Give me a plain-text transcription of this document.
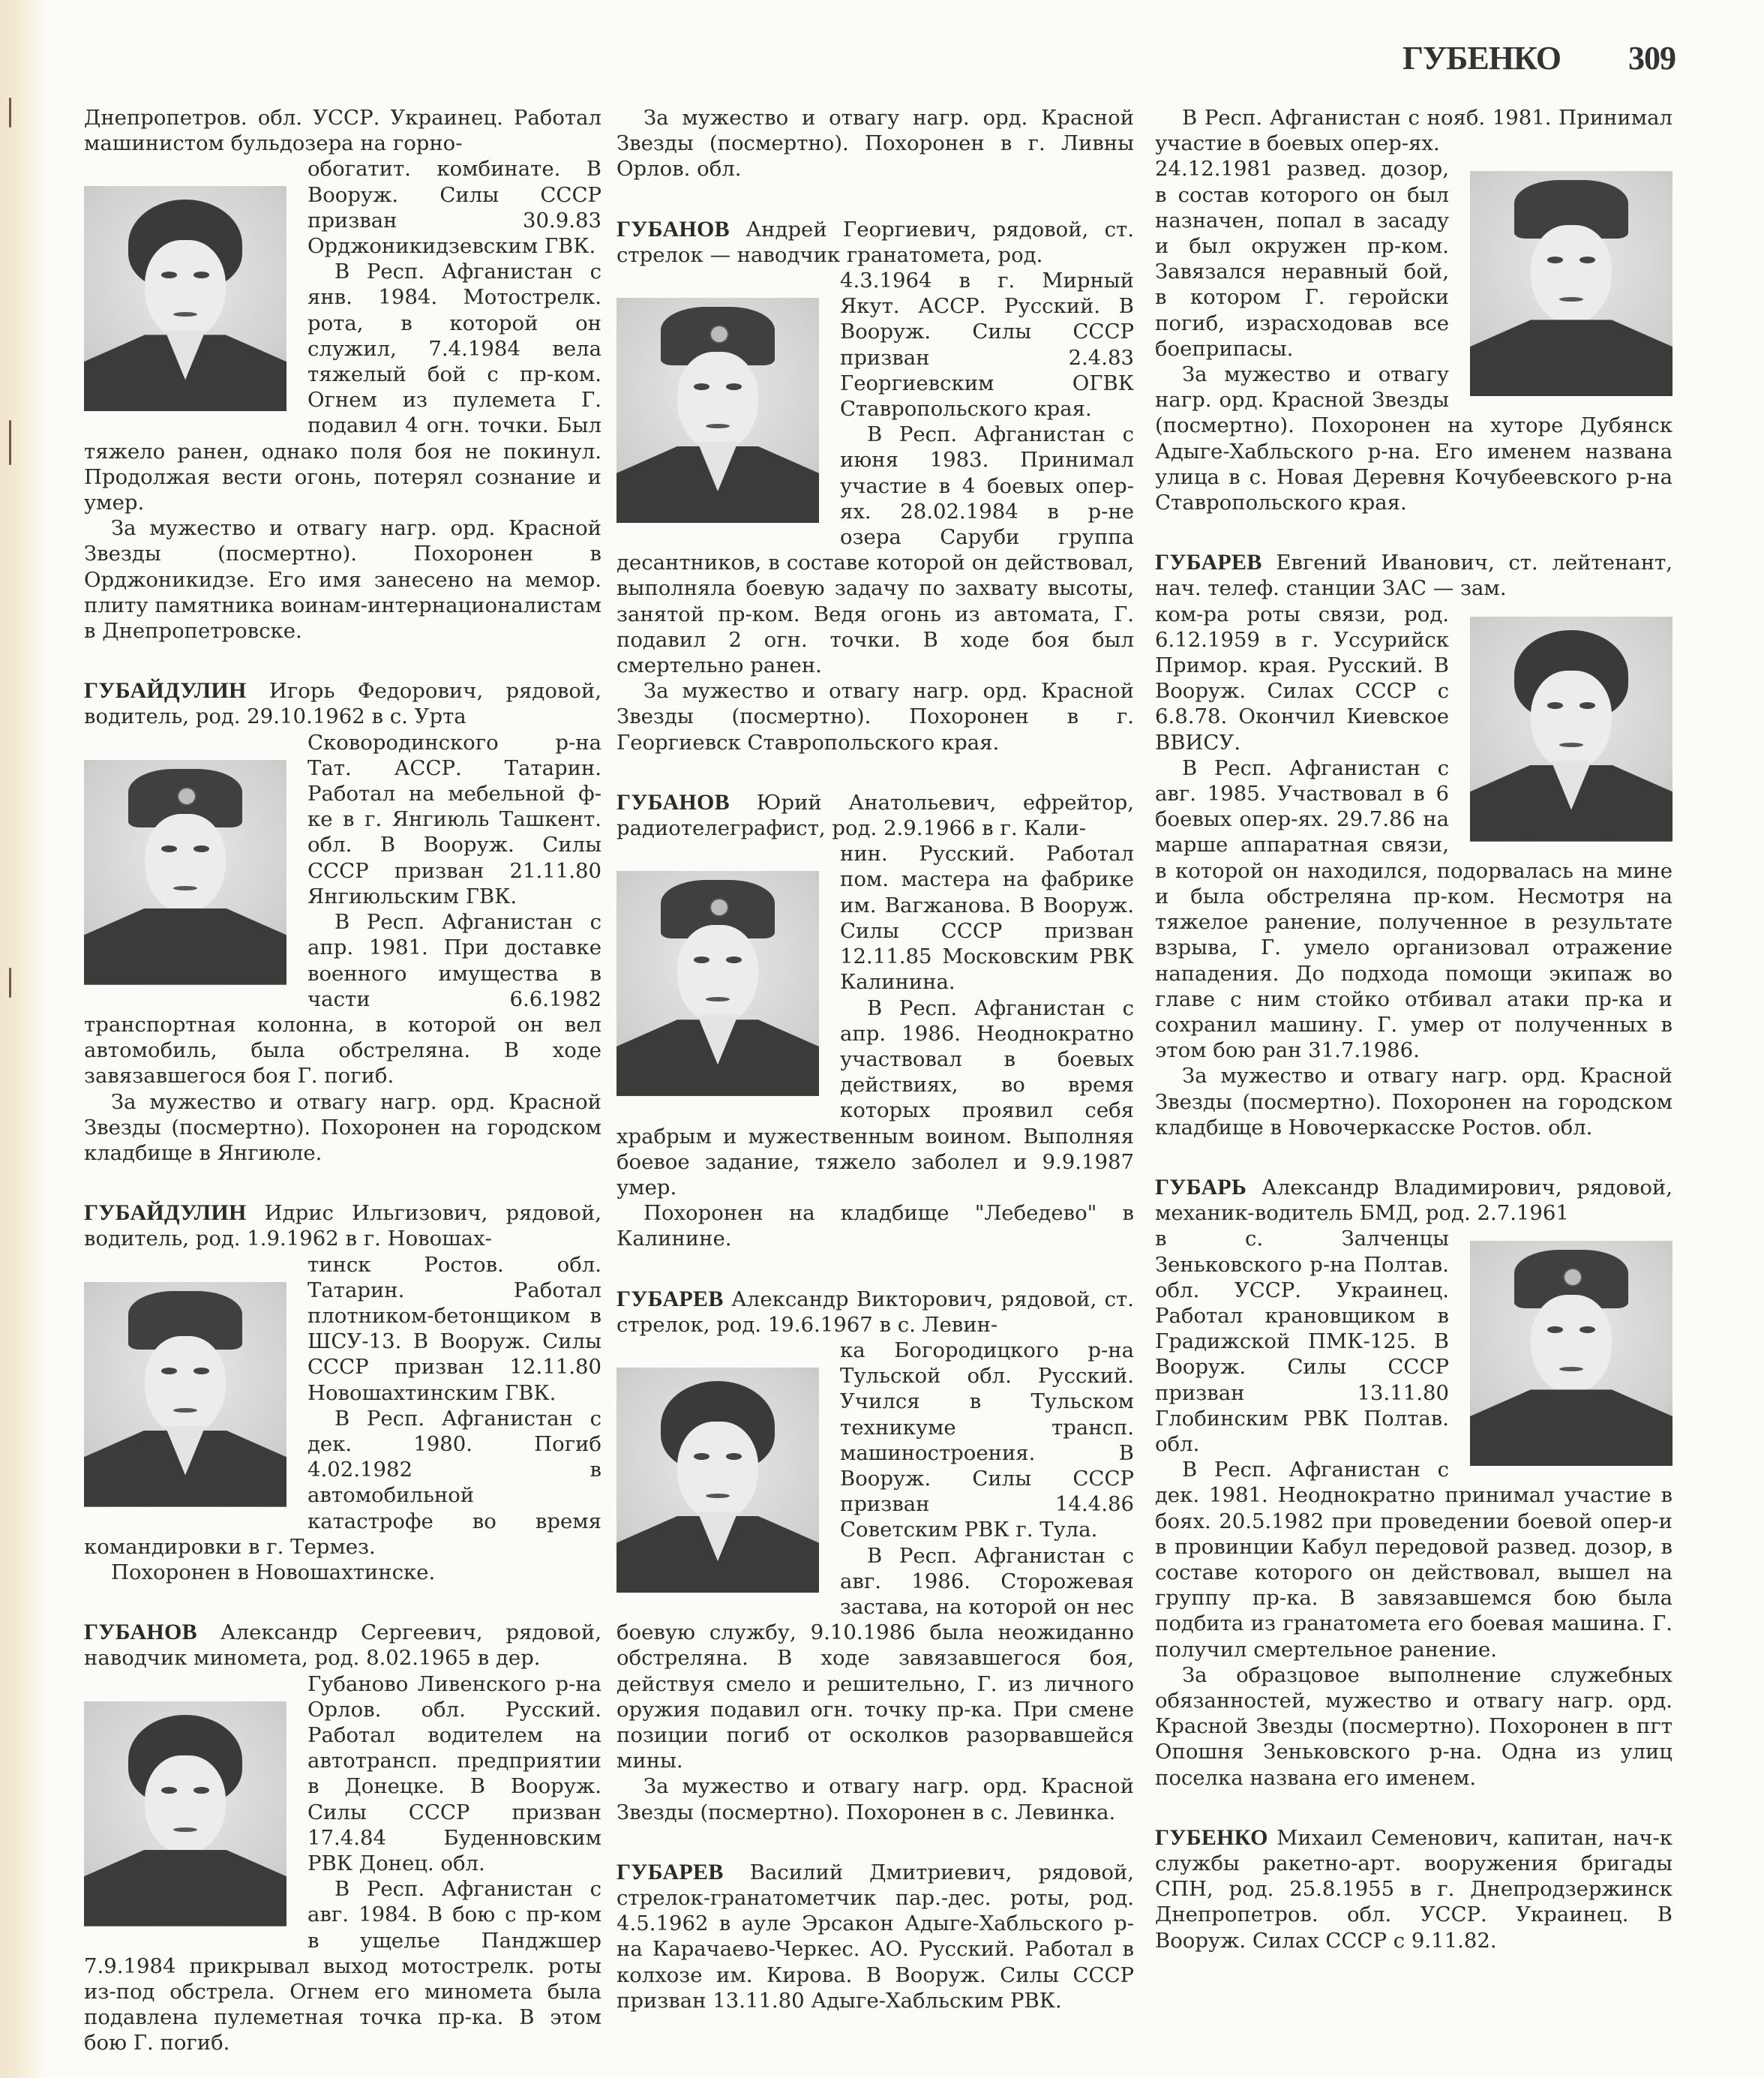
ГУБЕНКО 309

Днепропетров. обл. УССР. Украинец. Работал машинистом бульдозера на горно-

обогатит. комбинате. В Вооруж. Силы СССР призван 30.9.83 Орджоникидзевским ГВК.

В Респ. Афганистан с янв. 1984. Мотострелк. рота, в которой он служил, 7.4.1984 вела тяжелый бой с пр-ком. Огнем из пулемета Г. подавил 4 огн. точки. Был тяжело ранен, однако поля боя не покинул. Продолжая вести огонь, потерял сознание и умер.

За мужество и отвагу нагр. орд. Красной Звезды (посмертно). Похоронен в Орджоникидзе. Его имя занесено на мемор. плиту памятника воинам-интернационалистам в Днепропетровске.

ГУБАЙДУЛИН Игорь Федорович, рядовой, водитель, род. 29.10.1962 в с. Урта

Сковородинского р-на Тат. АССР. Татарин. Работал на мебельной ф-ке в г. Янгиюль Ташкент. обл. В Вооруж. Силы СССР призван 21.11.80 Янгиюльским ГВК.

В Респ. Афганистан с апр. 1981. При доставке военного имущества в части 6.6.1982 транспортная колонна, в которой он вел автомобиль, была обстреляна. В ходе завязавшегося боя Г. погиб.

За мужество и отвагу нагр. орд. Красной Звезды (посмертно). Похоронен на городском кладбище в Янгиюле.

ГУБАЙДУЛИН Идрис Ильгизович, рядовой, водитель, род. 1.9.1962 в г. Новошах-

тинск Ростов. обл. Татарин. Работал плотником-бетонщиком в ШСУ-13. В Вооруж. Силы СССР призван 12.11.80 Новошахтинским ГВК.

В Респ. Афганистан с дек. 1980. Погиб 4.02.1982 в автомобильной катастрофе во время командировки в г. Термез.

Похоронен в Новошахтинске.

ГУБАНОВ Александр Сергеевич, рядовой, наводчик минометa, род. 8.02.1965 в дер.

Губаново Ливенского р-на Орлов. обл. Русский. Работал водителем на автотрансп. предприятии в Донецке. В Вооруж. Силы СССР призван 17.4.84 Буденновским РВК Донец. обл.

В Респ. Афганистан с авг. 1984. В бою с пр-ком в ущелье Панджшер 7.9.1984 прикрывал выход мотострелк. роты из-под обстрела. Огнем его миномета была подавлена пулеметная точка пр-ка. В этом бою Г. погиб.

За мужество и отвагу нагр. орд. Красной Звезды (посмертно). Похоронен в г. Ливны Орлов. обл.

ГУБАНОВ Андрей Георгиевич, рядовой, ст. стрелок — наводчик гранатомета, род.

4.3.1964 в г. Мирный Якут. АССР. Русский. В Вооруж. Силы СССР призван 2.4.83 Георгиевским ОГВК Ставропольского края.

В Респ. Афганистан с июня 1983. Принимал участие в 4 боевых опер-ях. 28.02.1984 в р-не озера Саруби группа десантников, в составе которой он действовал, выполняла боевую задачу по захвату высоты, занятой пр-ком. Ведя огонь из автомата, Г. подавил 2 огн. точки. В ходе боя был смертельно ранен.

За мужество и отвагу нагр. орд. Красной Звезды (посмертно). Похоронен в г. Георгиевск Ставропольского края.

ГУБАНОВ Юрий Анатольевич, ефрейтор, радиотелеграфист, род. 2.9.1966 в г. Кали-

нин. Русский. Работал пом. мастера на фабрике им. Вагжанова. В Вооруж. Силы СССР призван 12.11.85 Московским РВК Калинина.

В Респ. Афганистан с апр. 1986. Неоднократно участвовал в боевых действиях, во время которых проявил себя храбрым и мужественным воином. Выполняя боевое задание, тяжело заболел и 9.9.1987 умер.

Похоронен на кладбище "Лебедево" в Калинине.

ГУБАРЕВ Александр Викторович, рядовой, ст. стрелок, род. 19.6.1967 в с. Левин-

ка Богородицкого р-на Тульской обл. Русский. Учился в Тульском техникуме трансп. машиностроения. В Вооруж. Силы СССР призван 14.4.86 Советским РВК г. Тула.

В Респ. Афганистан с авг. 1986. Сторожевая застава, на которой он нес боевую службу, 9.10.1986 была неожиданно обстреляна. В ходе завязавшегося боя, действуя смело и решительно, Г. из личного оружия подавил огн. точку пр-ка. При смене позиции погиб от осколков разорвавшейся мины.

За мужество и отвагу нагр. орд. Красной Звезды (посмертно). Похоронен в с. Левинка.

ГУБАРЕВ Василий Дмитриевич, рядовой, стрелок-гранатометчик пар.-дес. роты, род. 4.5.1962 в ауле Эрсакон Адыге-Хабльского р-на Карачаево-Черкес. АО. Русский. Работал в колхозе им. Кирова. В Вооруж. Силы СССР призван 13.11.80 Адыге-Хабльским РВК.

В Респ. Афганистан с нояб. 1981. Принимал участие в боевых опер-ях.

24.12.1981 развед. дозор, в состав которого он был назначен, попал в засаду и был окружен пр-ком. Завязался неравный бой, в котором Г. геройски погиб, израсходовав все боеприпасы.

За мужество и отвагу нагр. орд. Красной Звезды (посмертно). Похоронен на хуторе Дубянск Адыге-Хабльского р-на. Его именем названа улица в с. Новая Деревня Кочубеевского р-на Ставропольского края.

ГУБАРЕВ Евгений Иванович, ст. лейтенант, нач. телеф. станции ЗАС — зам.

ком-ра роты связи, род. 6.12.1959 в г. Уссурийск Примор. края. Русский. В Вооруж. Силах СССР с 6.8.78. Окончил Киевское ВВИСУ.

В Респ. Афганистан с авг. 1985. Участвовал в 6 боевых опер-ях. 29.7.86 на марше аппаратная связи, в которой он находился, подорвалась на мине и была обстреляна пр-ком. Несмотря на тяжелое ранение, полученное в результате взрыва, Г. умело организовал отражение нападения. До подхода помощи экипаж во главе с ним стойко отбивал атаки пр-ка и сохранил машину. Г. умер от полученных в этом бою ран 31.7.1986.

За мужество и отвагу нагр. орд. Красной Звезды (посмертно). Похоронен на городском кладбище в Новочеркасске Ростов. обл.

ГУБАРЬ Александр Владимирович, рядовой, механик-водитель БМД, род. 2.7.1961

в с. Залченцы Зеньковского р-на Полтав. обл. УССР. Украинец. Работал крановщиком в Градижской ПМК-125. В Вооруж. Силы СССР призван 13.11.80 Глобинским РВК Полтав. обл.

В Респ. Афганистан с дек. 1981. Неоднократно принимал участие в боях. 20.5.1982 при проведении боевой опер-и в провинции Кабул передовой развед. дозор, в составе которого он действовал, вышел на группу пр-ка. В завязавшемся бою была подбита из гранатомета его боевая машина. Г. получил смертельное ранение.

За образцовое выполнение служебных обязанностей, мужество и отвагу нагр. орд. Красной Звезды (посмертно). Похоронен в пгт Опошня Зеньковского р-на. Одна из улиц поселка названа его именем.

ГУБЕНКО Михаил Семенович, капитан, нач-к службы ракетно-арт. вооружения бригады СПН, род. 25.8.1955 в г. Днепродзержинск Днепропетров. обл. УССР. Украинец. В Вооруж. Силах СССР с 9.11.82.
